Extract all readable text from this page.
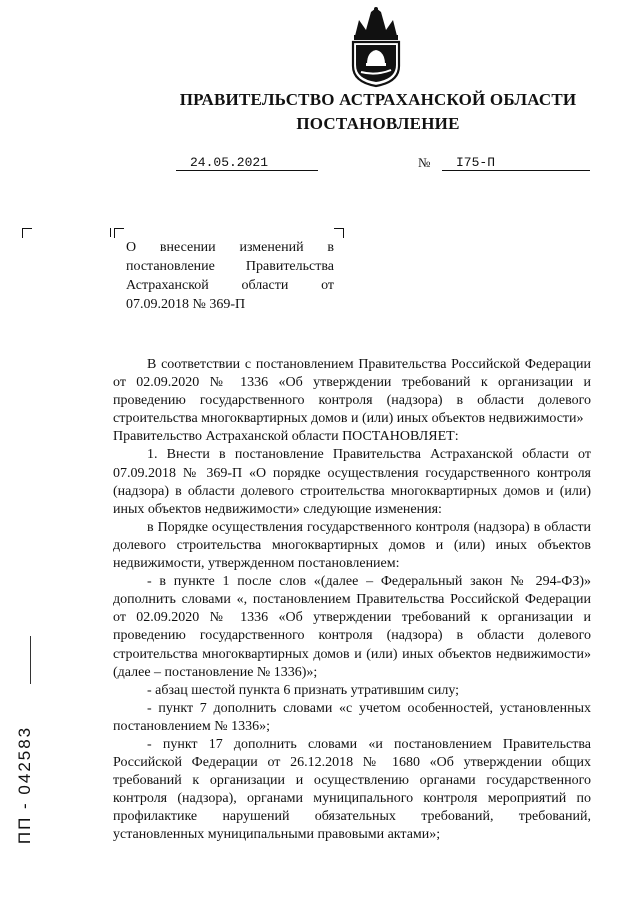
ПРАВИТЕЛЬСТВО АСТРАХАНСКОЙ ОБЛАСТИ
ПОСТАНОВЛЕНИЕ
24.05.2021	№	I75-П
О внесении изменений в постановление Правительства Астраханской области от 07.09.2018 № 369-П

В соответствии с постановлением Правительства Российской Федерации от 02.09.2020 № 1336 «Об утверждении требований к организации и проведению государственного контроля (надзора) в области долевого строительства многоквартирных домов и (или) иных объектов недвижимости»

Правительство Астраханской области ПОСТАНОВЛЯЕТ:

1. Внести в постановление Правительства Астраханской области от 07.09.2018 № 369-П «О порядке осуществления государственного контроля (надзора) в области долевого строительства многоквартирных домов и (или) иных объектов недвижимости» следующие изменения:

в Порядке осуществления государственного контроля (надзора) в области долевого строительства многоквартирных домов и (или) иных объектов недвижимости, утвержденном постановлением:

- в пункте 1 после слов «(далее – Федеральный закон № 294-ФЗ)» дополнить словами «, постановлением Правительства Российской Федерации от 02.09.2020 № 1336 «Об утверждении требований к организации и проведению государственного контроля (надзора) в области долевого строительства многоквартирных домов и (или) иных объектов недвижимости» (далее – постановление № 1336)»;

- абзац шестой пункта 6 признать утратившим силу;

- пункт 7 дополнить словами «с учетом особенностей, установленных постановлением № 1336»;

- пункт 17 дополнить словами «и постановлением Правительства Российской Федерации от 26.12.2018 № 1680 «Об утверждении общих требований к организации и осуществлению органами государственного контроля (надзора), органами муниципального контроля мероприятий по профилактике нарушений обязательных требований, требований, установленных муниципальными правовыми актами»;

ПП - 042583
